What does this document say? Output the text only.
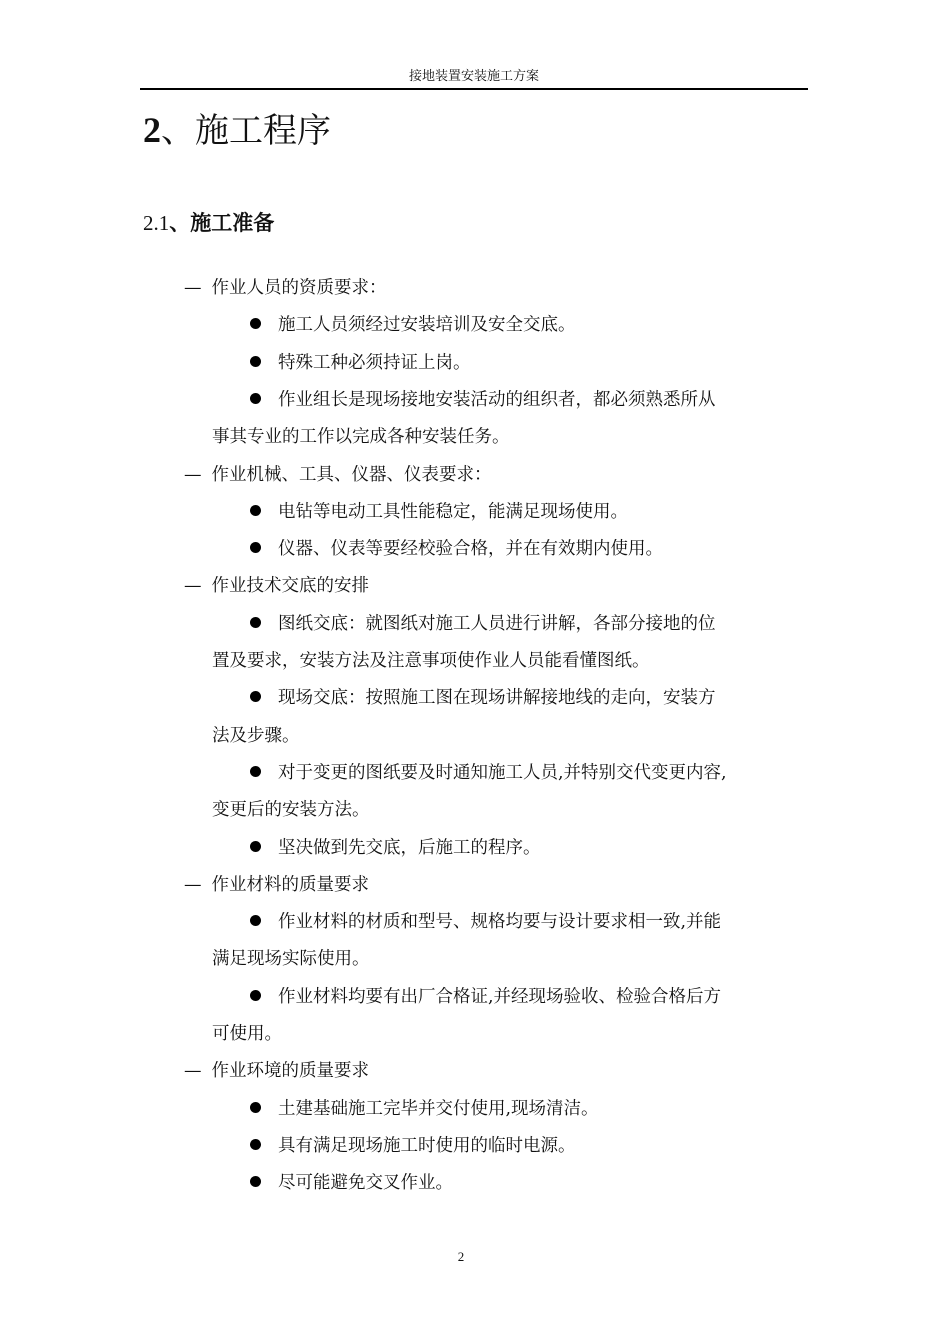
接地装置安装施工方案
2、施工程序
2.1、施工准备
— 作业人员的资质要求：
施工人员须经过安装培训及安全交底。
特殊工种必须持证上岗。
作业组长是现场接地安装活动的组织者，都必须熟悉所从
事其专业的工作以完成各种安装任务。
— 作业机械、工具、仪器、仪表要求：
电钻等电动工具性能稳定，能满足现场使用。
仪器、仪表等要经校验合格，并在有效期内使用。
— 作业技术交底的安排
图纸交底：就图纸对施工人员进行讲解，各部分接地的位
置及要求，安装方法及注意事项使作业人员能看懂图纸。
现场交底：按照施工图在现场讲解接地线的走向，安装方
法及步骤。
对于变更的图纸要及时通知施工人员,并特别交代变更内容,
变更后的安装方法。
坚决做到先交底，后施工的程序。
— 作业材料的质量要求
作业材料的材质和型号、规格均要与设计要求相一致,并能
满足现场实际使用。
作业材料均要有出厂合格证,并经现场验收、检验合格后方
可使用。
— 作业环境的质量要求
土建基础施工完毕并交付使用,现场清洁。
具有满足现场施工时使用的临时电源。
尽可能避免交叉作业。
2
